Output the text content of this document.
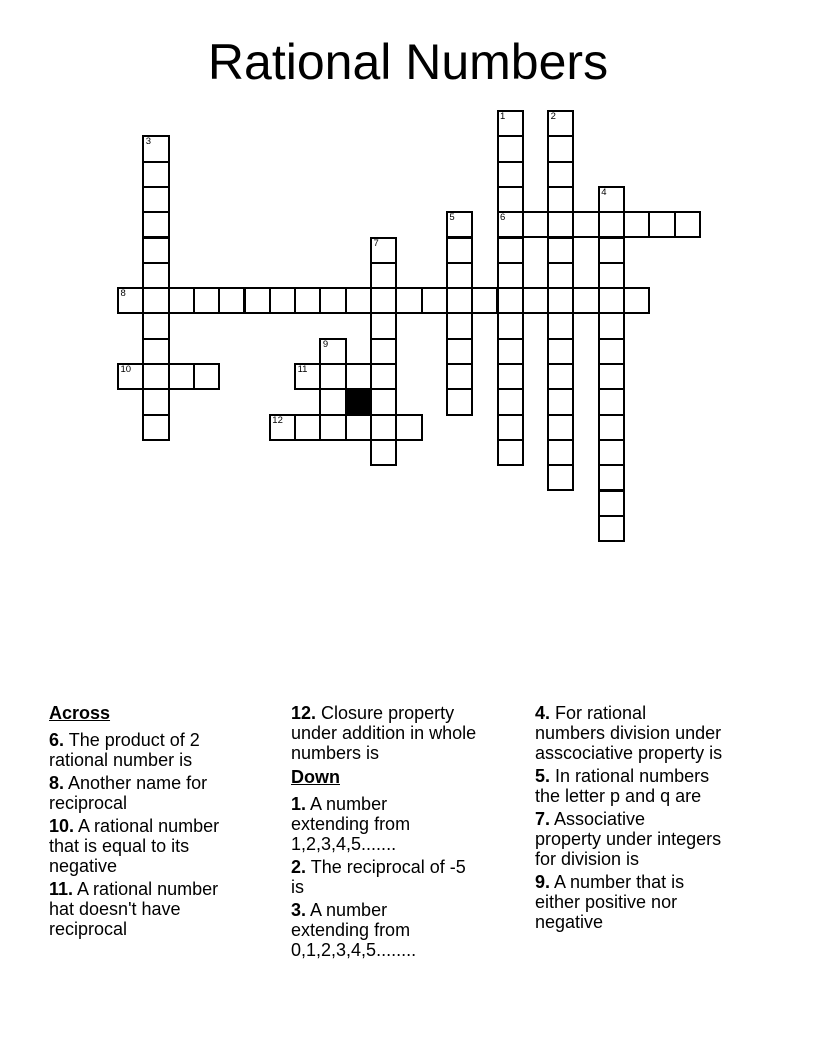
Rational Numbers
1
6
2
3
4
5
7
8
9
10	11
12
Across

6. The product of 2
rational number is

8. Another name for
reciprocal

10. A rational number
that is equal to its
negative

11. A rational number
hat doesn't have
reciprocal

12. Closure property
under addition in whole
numbers is

Down

1. A number
extending from
1,2,3,4,5.......

2. The reciprocal of -5
is

3. A number
extending from
0,1,2,3,4,5........

4. For rational
numbers division under
asscociative property is

5. In rational numbers
the letter p and q are

7. Associative
property under integers
for division is

9. A number that is
either positive nor
negative
